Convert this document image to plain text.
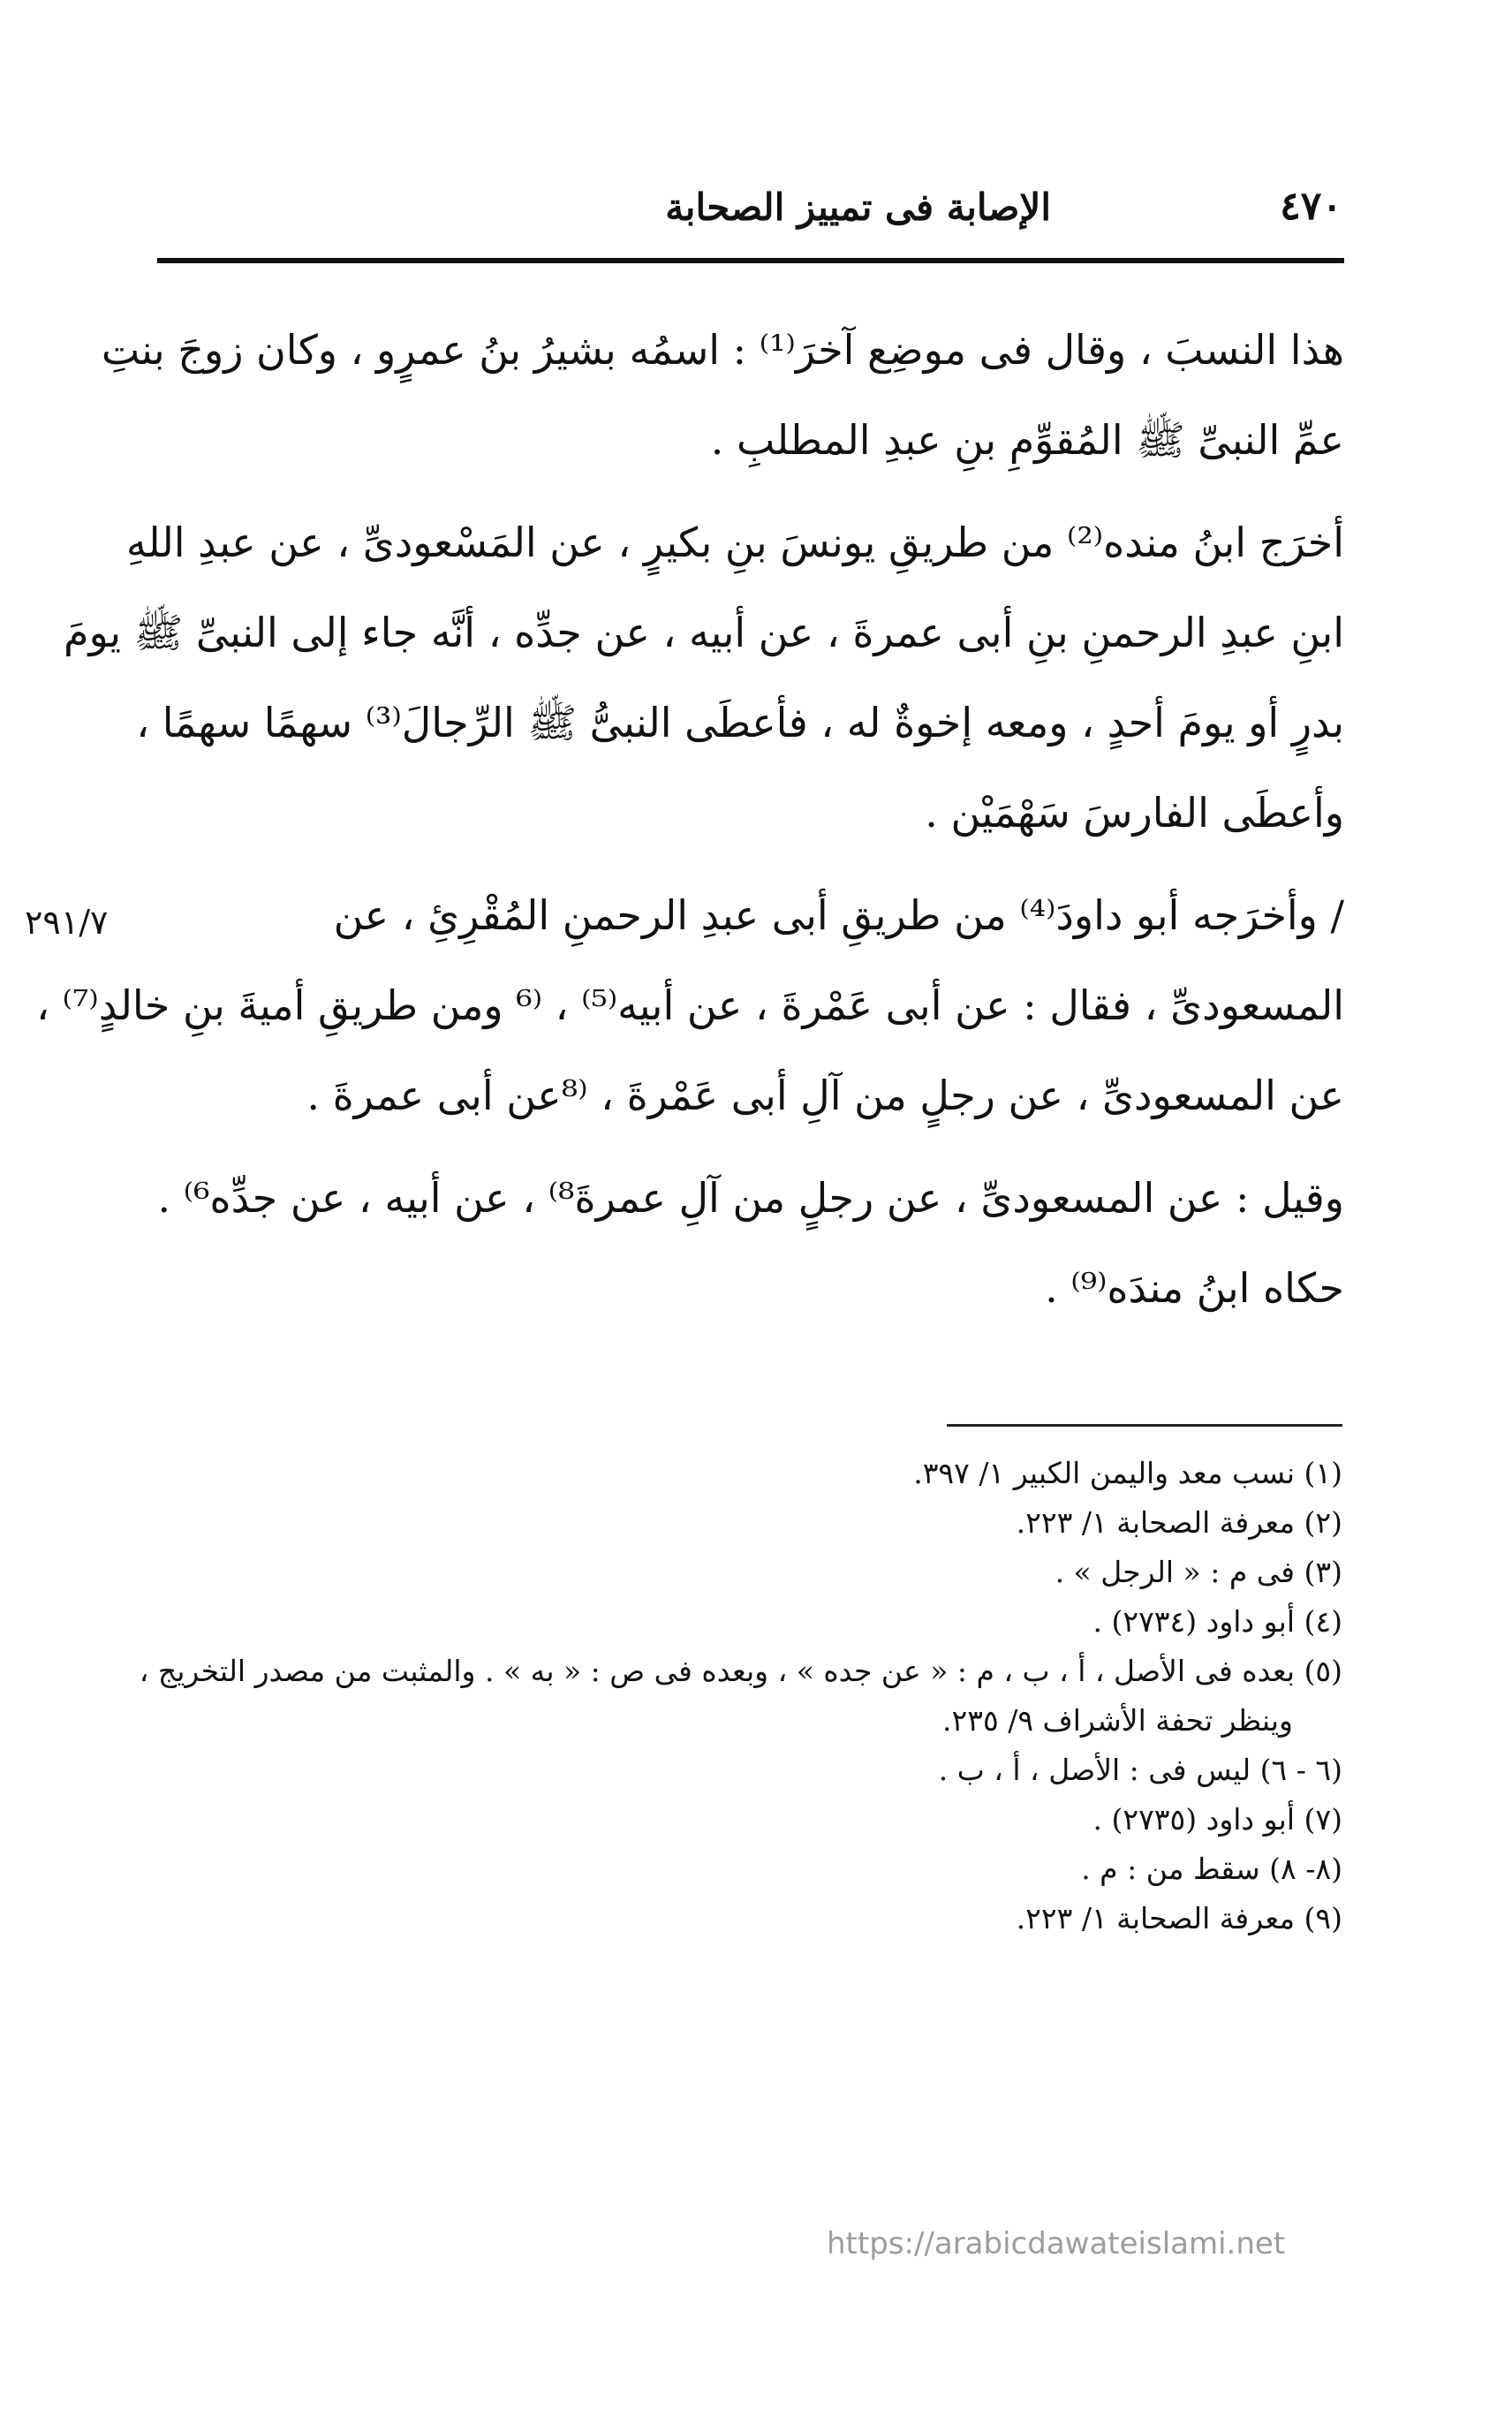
٤٧٠
الإصابة فى تمييز الصحابة
٢٩١/٧

هذا النسبَ ، وقال فى موضِع آخرَ⁽¹⁾ : اسمُه بشيرُ بنُ عمرٍو ، وكان زوجَ بنتِ
عمِّ النبىِّ ﷺ المُقوِّمِ بنِ عبدِ المطلبِ .

أخرَج ابنُ منده⁽²⁾ من طريقِ يونسَ بنِ بكيرٍ ، عن المَسْعودىِّ ، عن عبدِ اللهِ
ابنِ عبدِ الرحمنِ بنِ أبى عمرةَ ، عن أبيه ، عن جدِّه ، أنَّه جاء إلى النبىِّ ﷺ يومَ
بدرٍ أو يومَ أحدٍ ، ومعه إخوةٌ له ، فأعطَى النبىُّ ﷺ الرِّجالَ⁽³⁾ سهمًا سهمًا ،
وأعطَى الفارسَ سَهْمَيْن .

/ وأخرَجه أبو داودَ⁽⁴⁾ من طريقِ أبى عبدِ الرحمنِ المُقْرِئِ ، عن
المسعودىِّ ، فقال : عن أبى عَمْرةَ ، عن أبيه⁽⁵⁾ ، ⁽⁶ ومن طريقِ أميةَ بنِ خالدٍ⁽⁷⁾ ،
عن المسعودىِّ ، عن رجلٍ من آلِ أبى عَمْرةَ ، ⁽⁸عن أبى عمرةَ .

وقيل : عن المسعودىِّ ، عن رجلٍ من آلِ عمرةَ⁸⁾ ، عن أبيه ، عن جدِّه⁶⁾ .
حكاه ابنُ مندَه⁽⁹⁾ .

(١) نسب معد واليمن الكبير ١/ ٣٩٧.

(٢) معرفة الصحابة ١/ ٢٢٣.

(٣) فى م : « الرجل » .

(٤) أبو داود (٢٧٣٤) .

(٥) بعده فى الأصل ، أ ، ب ، م : « عن جده » ، وبعده فى ص : « به » . والمثبت من مصدر التخريج ،

وينظر تحفة الأشراف ٩/ ٢٣٥.

(٦ - ٦) ليس فى : الأصل ، أ ، ب .

(٧) أبو داود (٢٧٣٥) .

(٨- ٨) سقط من : م .

(٩) معرفة الصحابة ١/ ٢٢٣.

https://arabicdawateislami.net
